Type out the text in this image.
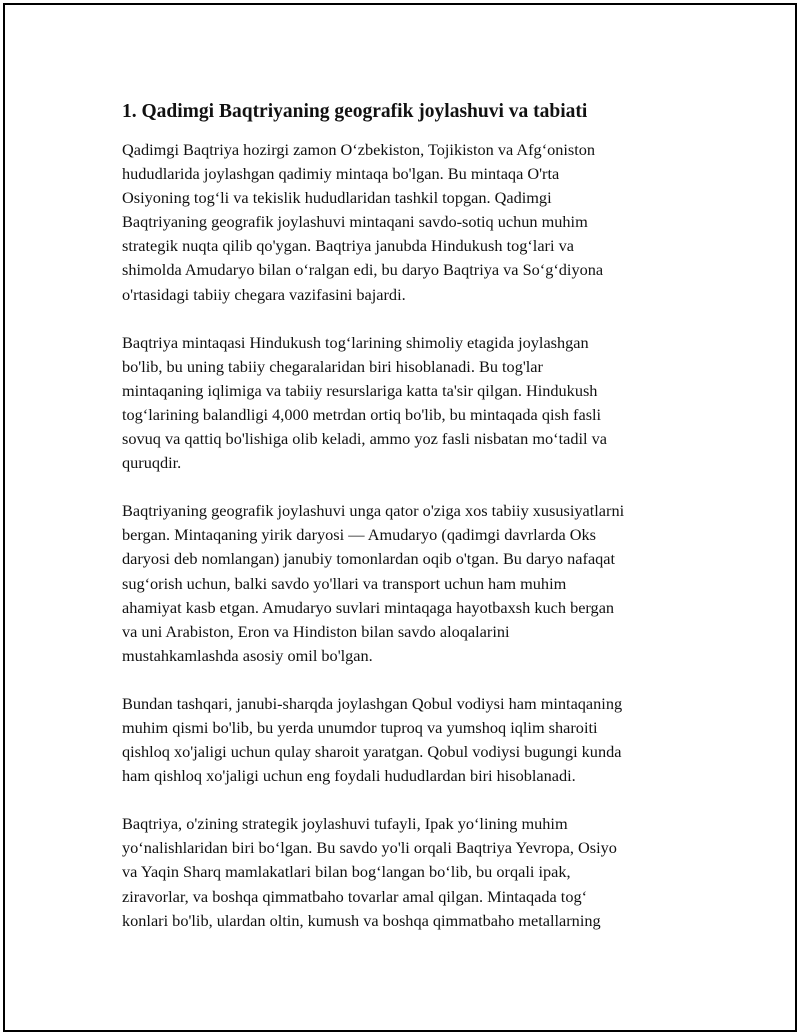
1. Qadimgi Baqtriyaning geografik joylashuvi va tabiati

Qadimgi Baqtriya hozirgi zamon O‘zbekiston, Tojikiston va Afg‘oniston
hududlarida joylashgan qadimiy mintaqa bo'lgan. Bu mintaqa O'rta
Osiyoning tog‘li va tekislik hududlaridan tashkil topgan. Qadimgi
Baqtriyaning geografik joylashuvi mintaqani savdo-sotiq uchun muhim
strategik nuqta qilib qo'ygan. Baqtriya janubda Hindukush tog‘lari va
shimolda Amudaryo bilan o‘ralgan edi, bu daryo Baqtriya va So‘g‘diyona
o'rtasidagi tabiiy chegara vazifasini bajardi.

Baqtriya mintaqasi Hindukush tog‘larining shimoliy etagida joylashgan
bo'lib, bu uning tabiiy chegaralaridan biri hisoblanadi. Bu tog'lar
mintaqaning iqlimiga va tabiiy resurslariga katta ta'sir qilgan. Hindukush
tog‘larining balandligi 4,000 metrdan ortiq bo'lib, bu mintaqada qish fasli
sovuq va qattiq bo'lishiga olib keladi, ammo yoz fasli nisbatan mo‘tadil va
quruqdir.

Baqtriyaning geografik joylashuvi unga qator o'ziga xos tabiiy xususiyatlarni
bergan. Mintaqaning yirik daryosi — Amudaryo (qadimgi davrlarda Oks
daryosi deb nomlangan) janubiy tomonlardan oqib o'tgan. Bu daryo nafaqat
sug‘orish uchun, balki savdo yo'llari va transport uchun ham muhim
ahamiyat kasb etgan. Amudaryo suvlari mintaqaga hayotbaxsh kuch bergan
va uni Arabiston, Eron va Hindiston bilan savdo aloqalarini
mustahkamlashda asosiy omil bo'lgan.

Bundan tashqari, janubi-sharqda joylashgan Qobul vodiysi ham mintaqaning
muhim qismi bo'lib, bu yerda unumdor tuproq va yumshoq iqlim sharoiti
qishloq xo'jaligi uchun qulay sharoit yaratgan. Qobul vodiysi bugungi kunda
ham qishloq xo'jaligi uchun eng foydali hududlardan biri hisoblanadi.

Baqtriya, o'zining strategik joylashuvi tufayli, Ipak yo‘lining muhim
yo‘nalishlaridan biri bo‘lgan. Bu savdo yo'li orqali Baqtriya Yevropa, Osiyo
va Yaqin Sharq mamlakatlari bilan bog‘langan bo‘lib, bu orqali ipak,
ziravorlar, va boshqa qimmatbaho tovarlar amal qilgan. Mintaqada tog‘
konlari bo'lib, ulardan oltin, kumush va boshqa qimmatbaho metallarning
